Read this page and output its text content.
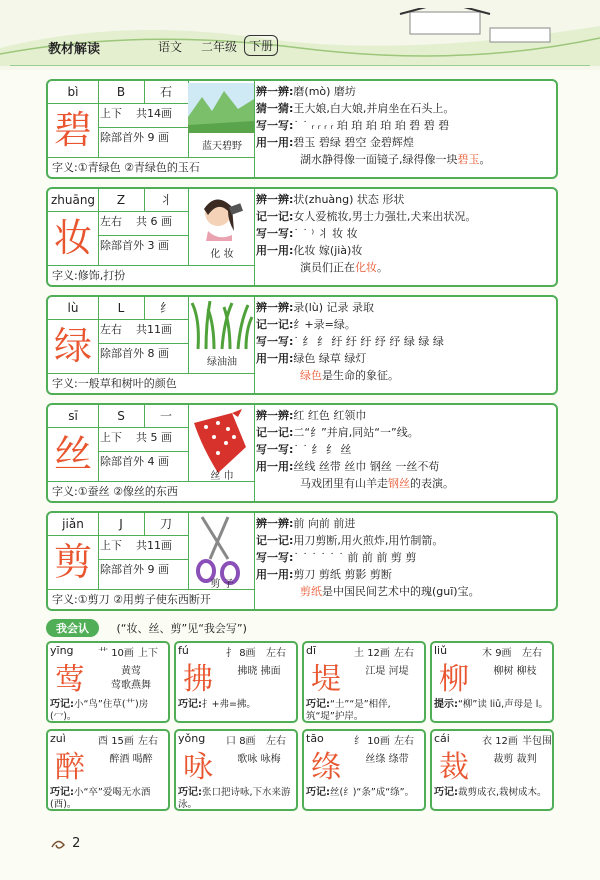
教材解读	语文 二年级 下册
bì	B	石
碧 上下 共14画
除部首外 9 画
字义:①青绿色 ②青绿色的玉石
蓝天碧野
辨一辨:磨(mò) 磨坊
猜一猜:王大娘,白大娘,并肩坐在石头上。
写一写:˙ ˙ ᵣ ᵣ ᵣ ᵣ 珀 珀 珀 珀 珀 碧 碧 碧
用一用:碧玉 碧绿 碧空 金碧辉煌
湖水静得像一面镜子,绿得像一块碧玉。
zhuāng	Z	丬
妆 左右 共 6 画
除部首外 3 画
字义:修饰,打扮
化 妆
辨一辨:状(zhuàng) 状态 形状
记一记:女人爱梳妆,男士力强壮,犬来出状况。
写一写:˙ ˙ ⁾ 丬 妆 妆
用一用:化妆 嫁(jià)妆
演员们正在化妆。
lù	L	纟
绿 左右 共11画
除部首外 8 画
字义:一般草和树叶的颜色
绿油油
辨一辨:录(lù) 记录 录取
记一记:纟+录=绿。
写一写:˙ 纟 纟 纡 纡 纡 纾 纾 绿 绿 绿
用一用:绿色 绿草 绿灯
绿色是生命的象征。
sī	S	一
丝 上下 共 5 画
除部首外 4 画
字义:①蚕丝 ②像丝的东西
丝 巾
辨一辨:红 红色 红领巾
记一记:二“纟”并肩,同站“一”线。
写一写:˙ ˙ 纟 纟 丝
用一用:丝线 丝带 丝巾 钢丝 一丝不苟
马戏团里有山羊走钢丝的表演。
jiǎn	J	刀
剪 上下 共11画
除部首外 9 画
字义:①剪刀 ②用剪子使东西断开
剪 子
辨一辨:前 向前 前进
记一记:用刀剪断,用火煎炸,用竹制箭。
写一写:˙ ˙ ˙ ˙ ˙ ˙ 前 前 前 剪 剪
用一用:剪刀 剪纸 剪影 剪断
剪纸是中国民间艺术中的瑰(guī)宝。
我会认	(“妆、丝、剪”见“我会写”)
yīng 艹 10画 上下
莺	黄莺
莺歌燕舞
巧记:小“鸟”住草(艹)房(冖)。
fú	扌 8画 左右
拂	拂晓 拂面
巧记:扌+弗=拂。
dī	土 12画 左右
堤	江堤 河堤
巧记:“土”“是”相伴,筑“堤”护岸。
liǔ	木 9画 左右
柳	柳树 柳枝
提示:“柳”读 liǔ,声母是 l。
zuì	酉 15画 左右
醉	醉酒 喝醉
巧记:小“卒”爱喝无水酒(酉)。
yǒng 口 8画 左右
咏	歌咏 咏梅
巧记:张口把诗咏,下水来游泳。
tāo	纟 10画 左右
绦	丝绦 绦带
巧记:丝(纟)“条”成“绦”。
cái	衣 12画 半包围
裁	裁剪 裁判
巧记:裁剪成衣,栽树成木。
2
